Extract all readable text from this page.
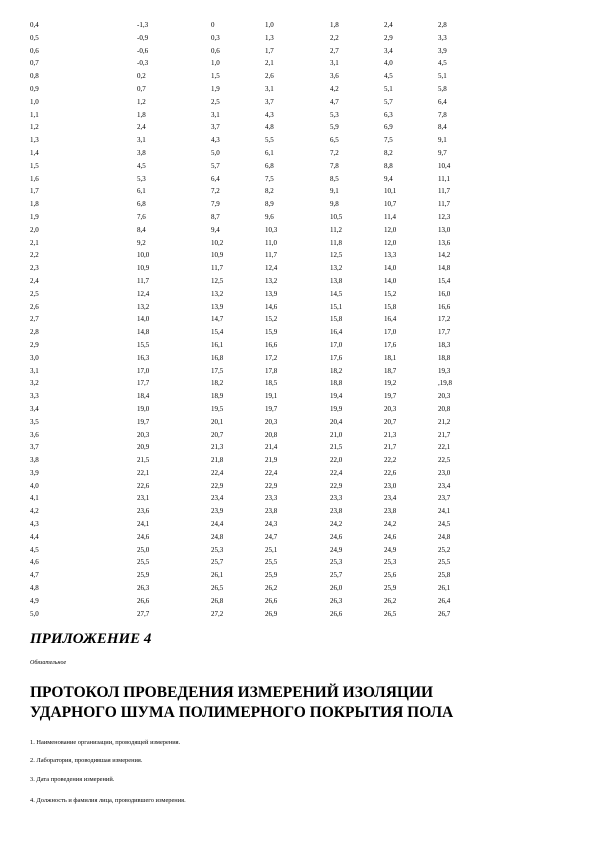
0,4	-1,3	0	1,0	1,8	2,4	2,8
0,5	-0,9	0,3	1,3	2,2	2,9	3,3
0,6	-0,6	0,6	1,7	2,7	3,4	3,9
0,7	-0,3	1,0	2,1	3,1	4,0	4,5
0,8	0,2	1,5	2,6	3,6	4,5	5,1
0,9	0,7	1,9	3,1	4,2	5,1	5,8
1,0	1,2	2,5	3,7	4,7	5,7	6,4
1,1	1,8	3,1	4,3	5,3	6,3	7,8
1,2	2,4	3,7	4,8	5,9	6,9	8,4
1,3	3,1	4,3	5,5	6,5	7,5	9,1
1,4	3,8	5,0	6,1	7,2	8,2	9,7
1,5	4,5	5,7	6,8	7,8	8,8	10,4
1,6	5,3	6,4	7,5	8,5	9,4	11,1
1,7	6,1	7,2	8,2	9,1	10,1	11,7
1,8	6,8	7,9	8,9	9,8	10,7	11,7
1,9	7,6	8,7	9,6	10,5	11,4	12,3
2,0	8,4	9,4	10,3	11,2	12,0	13,0
2,1	9,2	10,2	11,0	11,8	12,0	13,6
2,2	10,0	10,9	11,7	12,5	13,3	14,2
2,3	10,9	11,7	12,4	13,2	14,0	14,8
2,4	11,7	12,5	13,2	13,8	14,0	15,4
2,5	12,4	13,2	13,9	14,5	15,2	16,0
2,6	13,2	13,9	14,6	15,1	15,8	16,6
2,7	14,0	14,7	15,2	15,8	16,4	17,2
2,8	14,8	15,4	15,9	16,4	17,0	17,7
2,9	15,5	16,1	16,6	17,0	17,6	18,3
3,0	16,3	16,8	17,2	17,6	18,1	18,8
3,1	17,0	17,5	17,8	18,2	18,7	19,3
3,2	17,7	18,2	18,5	18,8	19,2	,19,8
3,3	18,4	18,9	19,1	19,4	19,7	20,3
3,4	19,0	19,5	19,7	19,9	20,3	20,8
3,5	19,7	20,1	20,3	20,4	20,7	21,2
3,6	20,3	20,7	20,8	21,0	21,3	21,7
3,7	20,9	21,3	21,4	21,5	21,7	22,1
3,8	21,5	21,8	21,9	22,0	22,2	22,5
3,9	22,1	22,4	22,4	22,4	22,6	23,0
4,0	22,6	22,9	22,9	22,9	23,0	23,4
4,1	23,1	23,4	23,3	23,3	23,4	23,7
4,2	23,6	23,9	23,8	23,8	23,8	24,1
4,3	24,1	24,4	24,3	24,2	24,2	24,5
4,4	24,6	24,8	24,7	24,6	24,6	24,8
4,5	25,0	25,3	25,1	24,9	24,9	25,2
4,6	25,5	25,7	25,5	25,3	25,3	25,5
4,7	25,9	26,1	25,9	25,7	25,6	25,8
4,8	26,3	26,5	26,2	26,0	25,9	26,1
4,9	26,6	26,8	26,6	26,3	26,2	26,4
5,0	27,7	27,2	26,9	26,6	26,5	26,7
ПРИЛОЖЕНИЕ 4
Обязательное
ПРОТОКОЛ ПРОВЕДЕНИЯ ИЗМЕРЕНИЙ ИЗОЛЯЦИИ
УДАРНОГО ШУМА ПОЛИМЕРНОГО ПОКРЫТИЯ ПОЛА
1. Наименование организации, проводящей измерения.
2. Лаборатория, проводившая измерения.
3. Дата проведения измерений.
4. Должность и фамилия лица, проводившего измерения.
